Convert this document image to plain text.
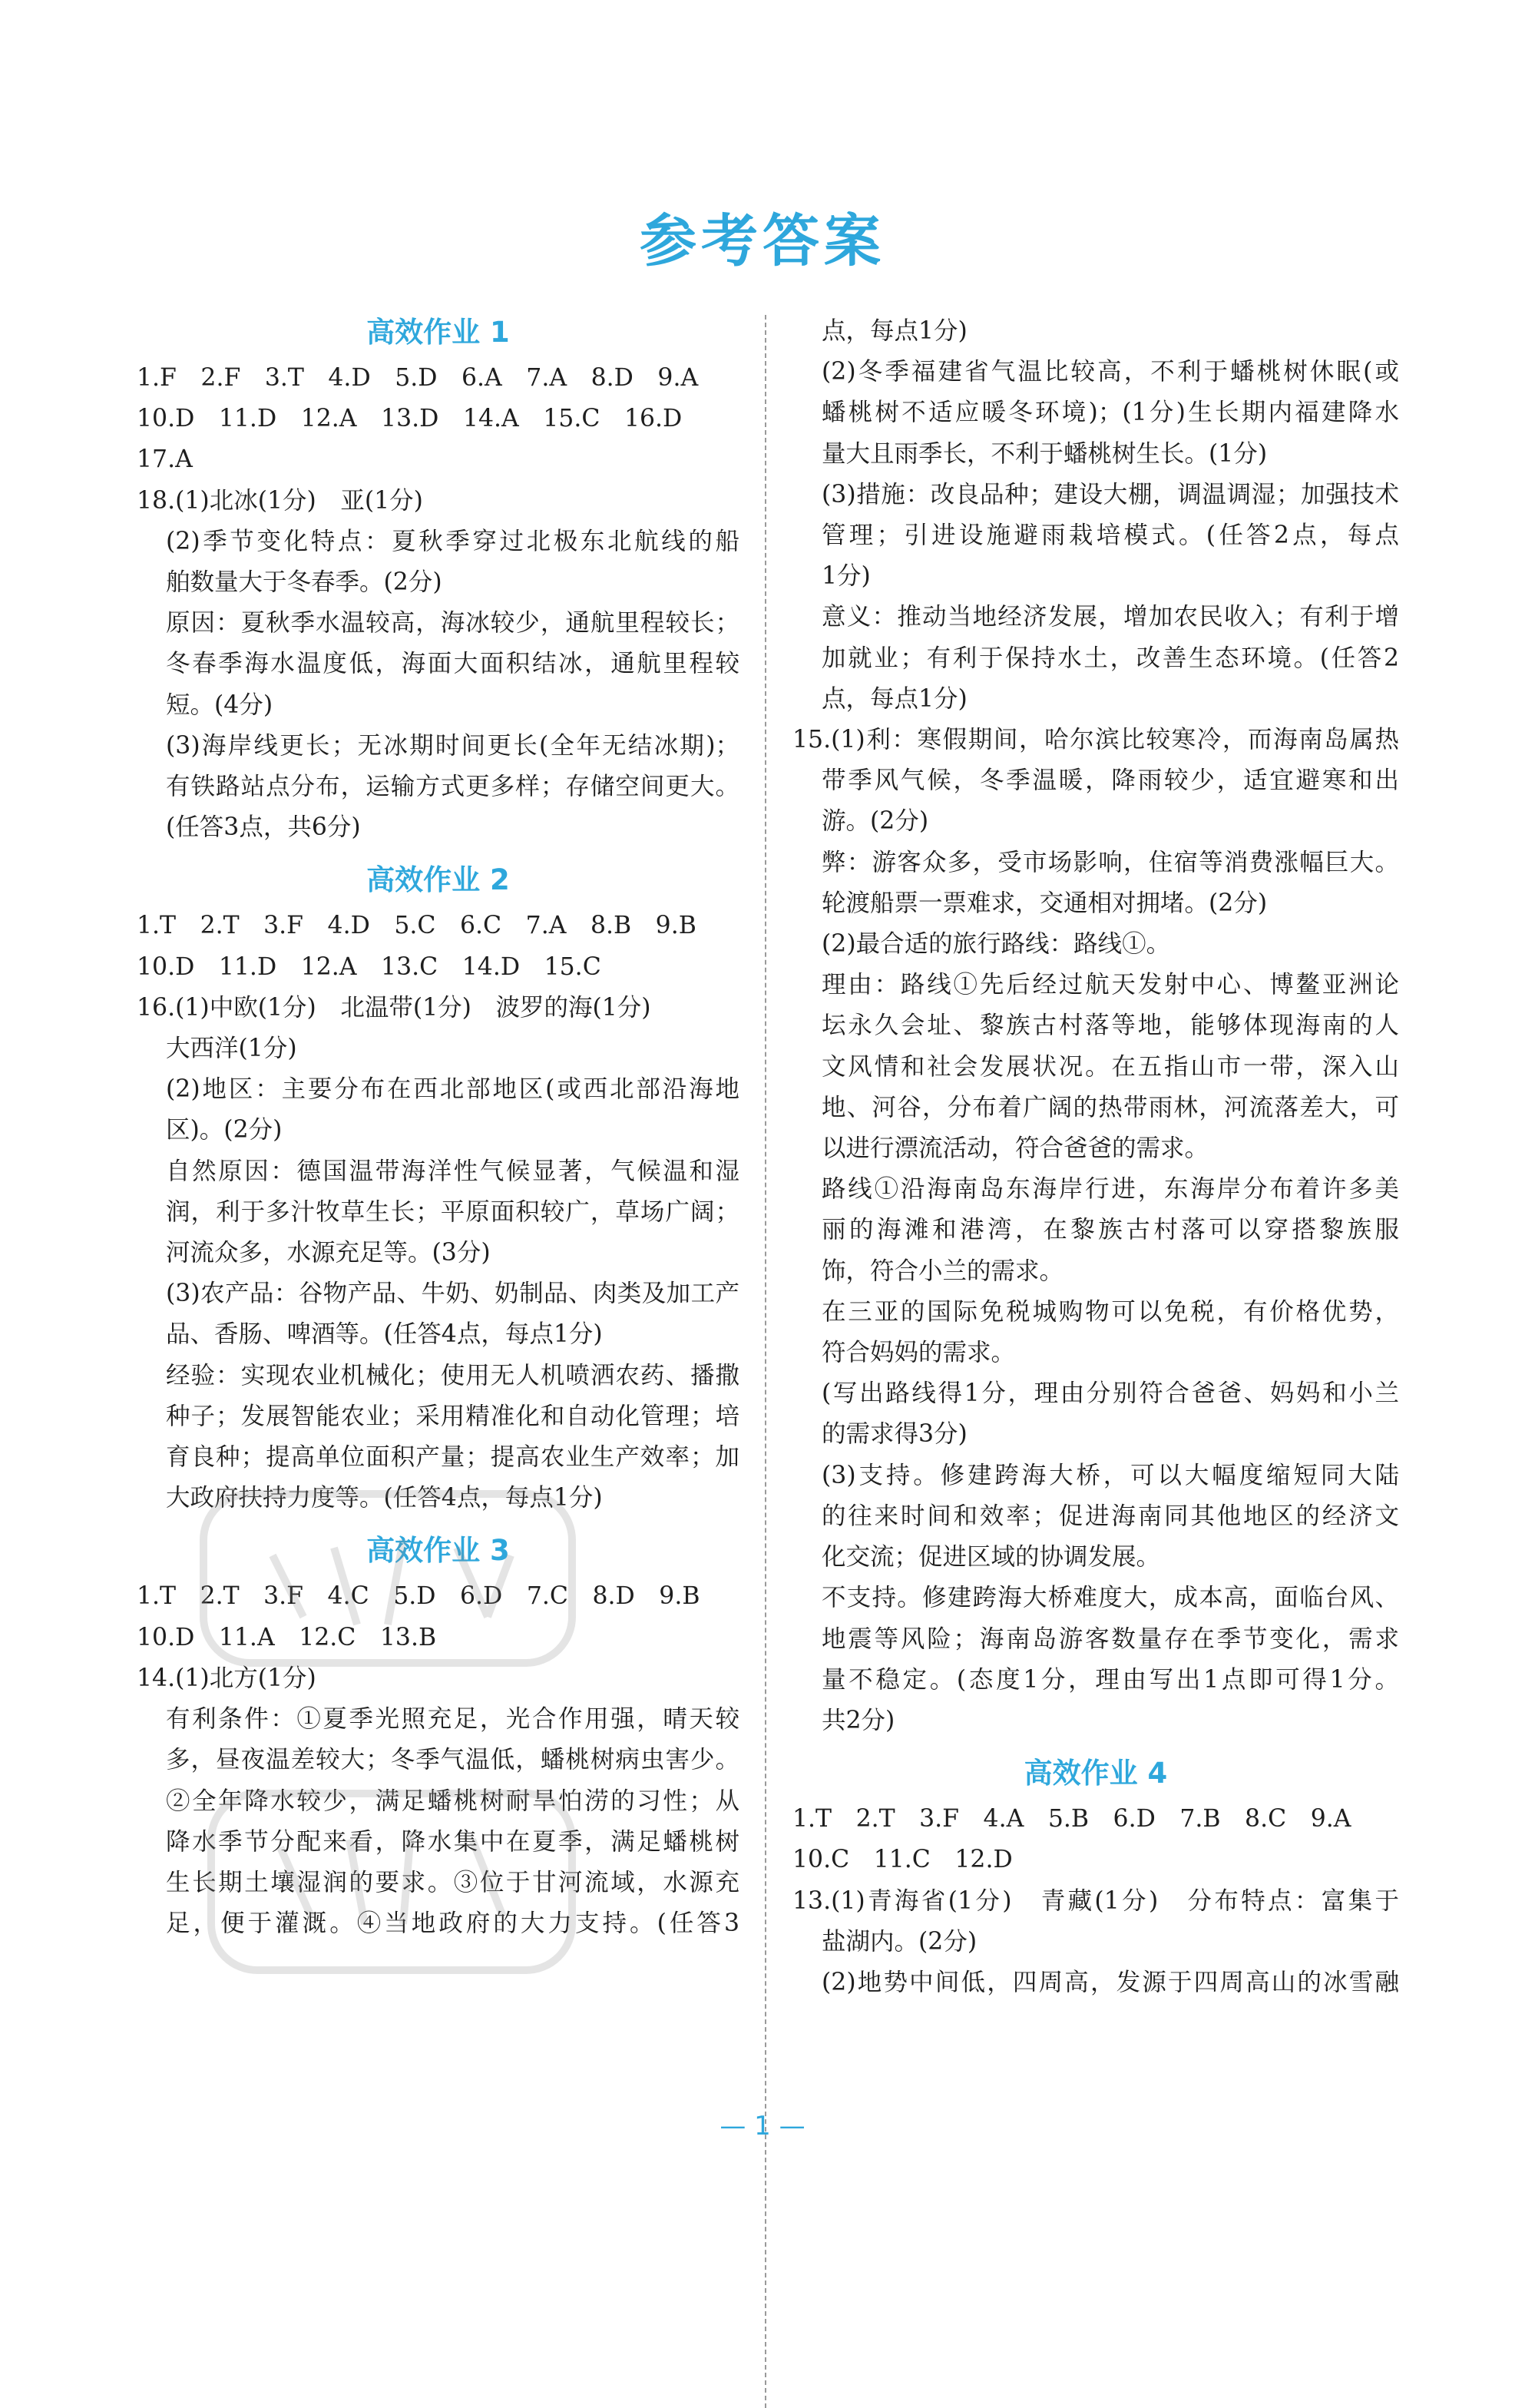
参考答案
高效作业 1
1.F　2.F　3.T　4.D　5.D　6.A　7.A　8.D　9.A
10.D　11.D　12.A　13.D　14.A　15.C　16.D
17.A
18.(1)北冰(1分)　亚(1分)
(2)季节变化特点：夏秋季穿过北极东北航线的船
舶数量大于冬春季。(2分)
原因：夏秋季水温较高，海冰较少，通航里程较长；
冬春季海水温度低，海面大面积结冰，通航里程较
短。(4分)
(3)海岸线更长；无冰期时间更长(全年无结冰期)；
有铁路站点分布，运输方式更多样；存储空间更大。
(任答3点，共6分)
高效作业 2
1.T　2.T　3.F　4.D　5.C　6.C　7.A　8.B　9.B
10.D　11.D　12.A　13.C　14.D　15.C
16.(1)中欧(1分)　北温带(1分)　波罗的海(1分)
大西洋(1分)
(2)地区：主要分布在西北部地区(或西北部沿海地
区)。(2分)
自然原因：德国温带海洋性气候显著，气候温和湿
润，利于多汁牧草生长；平原面积较广，草场广阔；
河流众多，水源充足等。(3分)
(3)农产品：谷物产品、牛奶、奶制品、肉类及加工产
品、香肠、啤酒等。(任答4点，每点1分)
经验：实现农业机械化；使用无人机喷洒农药、播撒
种子；发展智能农业；采用精准化和自动化管理；培
育良种；提高单位面积产量；提高农业生产效率；加
大政府扶持力度等。(任答4点，每点1分)
高效作业 3
1.T　2.T　3.F　4.C　5.D　6.D　7.C　8.D　9.B
10.D　11.A　12.C　13.B
14.(1)北方(1分)
有利条件：①夏季光照充足，光合作用强，晴天较
多，昼夜温差较大；冬季气温低，蟠桃树病虫害少。
②全年降水较少，满足蟠桃树耐旱怕涝的习性；从
降水季节分配来看，降水集中在夏季，满足蟠桃树
生长期土壤湿润的要求。③位于甘河流域，水源充
足，便于灌溉。④当地政府的大力支持。(任答3
点，每点1分)
(2)冬季福建省气温比较高，不利于蟠桃树休眠(或
蟠桃树不适应暖冬环境)；(1分)生长期内福建降水
量大且雨季长，不利于蟠桃树生长。(1分)
(3)措施：改良品种；建设大棚，调温调湿；加强技术
管理；引进设施避雨栽培模式。(任答2点，每点
1分)
意义：推动当地经济发展，增加农民收入；有利于增
加就业；有利于保持水土，改善生态环境。(任答2
点，每点1分)
15.(1)利：寒假期间，哈尔滨比较寒冷，而海南岛属热
带季风气候，冬季温暖，降雨较少，适宜避寒和出
游。(2分)
弊：游客众多，受市场影响，住宿等消费涨幅巨大。
轮渡船票一票难求，交通相对拥堵。(2分)
(2)最合适的旅行路线：路线①。
理由：路线①先后经过航天发射中心、博鳌亚洲论
坛永久会址、黎族古村落等地，能够体现海南的人
文风情和社会发展状况。在五指山市一带，深入山
地、河谷，分布着广阔的热带雨林，河流落差大，可
以进行漂流活动，符合爸爸的需求。
路线①沿海南岛东海岸行进，东海岸分布着许多美
丽的海滩和港湾，在黎族古村落可以穿搭黎族服
饰，符合小兰的需求。
在三亚的国际免税城购物可以免税，有价格优势，
符合妈妈的需求。
(写出路线得1分，理由分别符合爸爸、妈妈和小兰
的需求得3分)
(3)支持。修建跨海大桥，可以大幅度缩短同大陆
的往来时间和效率；促进海南同其他地区的经济文
化交流；促进区域的协调发展。
不支持。修建跨海大桥难度大，成本高，面临台风、
地震等风险；海南岛游客数量存在季节变化，需求
量不稳定。(态度1分，理由写出1点即可得1分。
共2分)
高效作业 4
1.T　2.T　3.F　4.A　5.B　6.D　7.B　8.C　9.A
10.C　11.C　12.D
13.(1)青海省(1分)　青藏(1分)　分布特点：富集于
盐湖内。(2分)
(2)地势中间低，四周高，发源于四周高山的冰雪融
— 1 —
